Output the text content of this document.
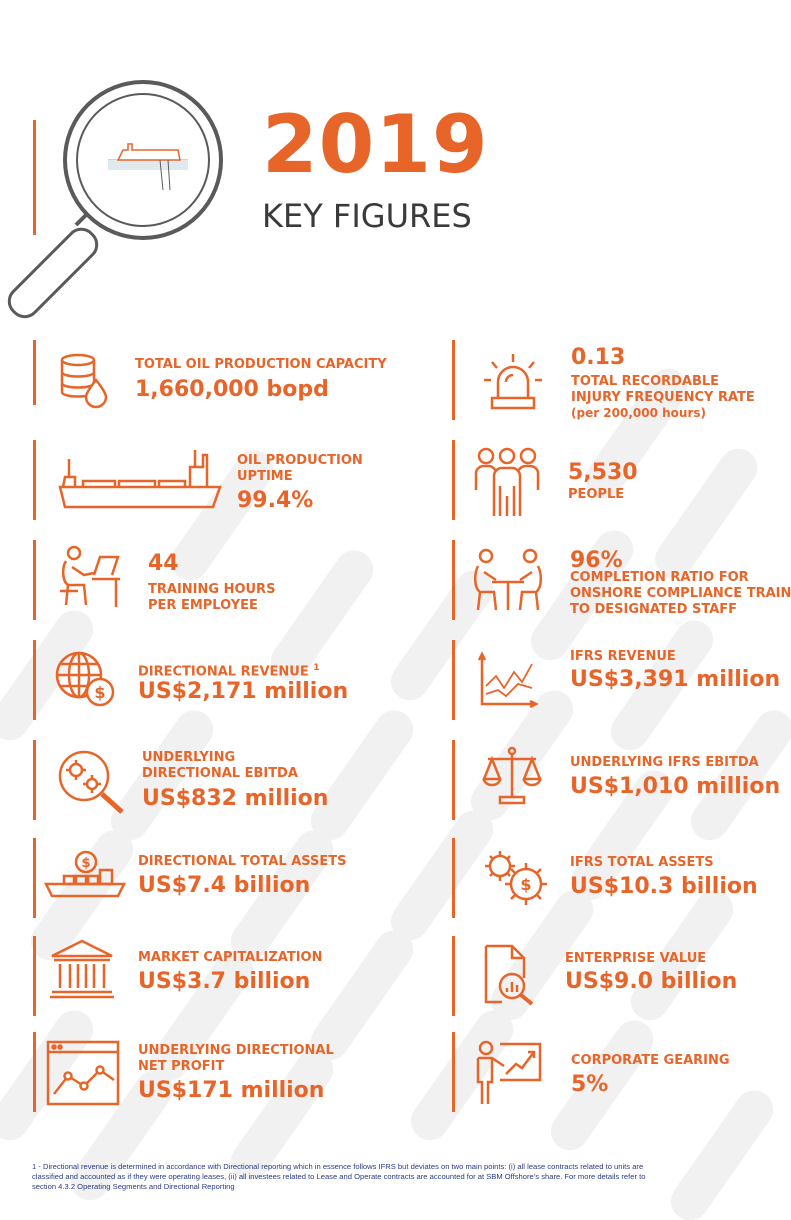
2019
KEY FIGURES
TOTAL OIL PRODUCTION CAPACITY
1,660,000 bopd
OIL PRODUCTION
UPTIME
99.4%
44
TRAINING HOURS
PER EMPLOYEE
$
DIRECTIONAL REVENUE $^1$
US$2,171 million
UNDERLYING
DIRECTIONAL EBITDA
US$832 million
$	DIRECTIONAL TOTAL ASSETS
US$7.4 billion
MARKET CAPITALIZATION
US$3.7 billion
UNDERLYING DIRECTIONAL
NET PROFIT
US$171 million
0.13
TOTAL RECORDABLE
INJURY FREQUENCY RATE
(per 200,000 hours)
5,530
PEOPLE
96%
COMPLETION RATIO FOR
ONSHORE COMPLIANCE TRAIN
TO DESIGNATED STAFF
IFRS REVENUE
US$3,391 million
UNDERLYING IFRS EBITDA
US$1,010 million
$
IFRS TOTAL ASSETS
US$10.3 billion
ENTERPRISE VALUE
US$9.0 billion
CORPORATE GEARING
5%
1 - Directional revenue is determined in accordance with Directional reporting which in essence follows IFRS but deviates on two main points: (i) all lease contracts related to units are
classified and accounted as if they were operating leases, (ii) all investees related to Lease and Operate contracts are accounted for at SBM Offshore’s share. For more details refer to
section 4.3.2 Operating Segments and Directional Reporting
